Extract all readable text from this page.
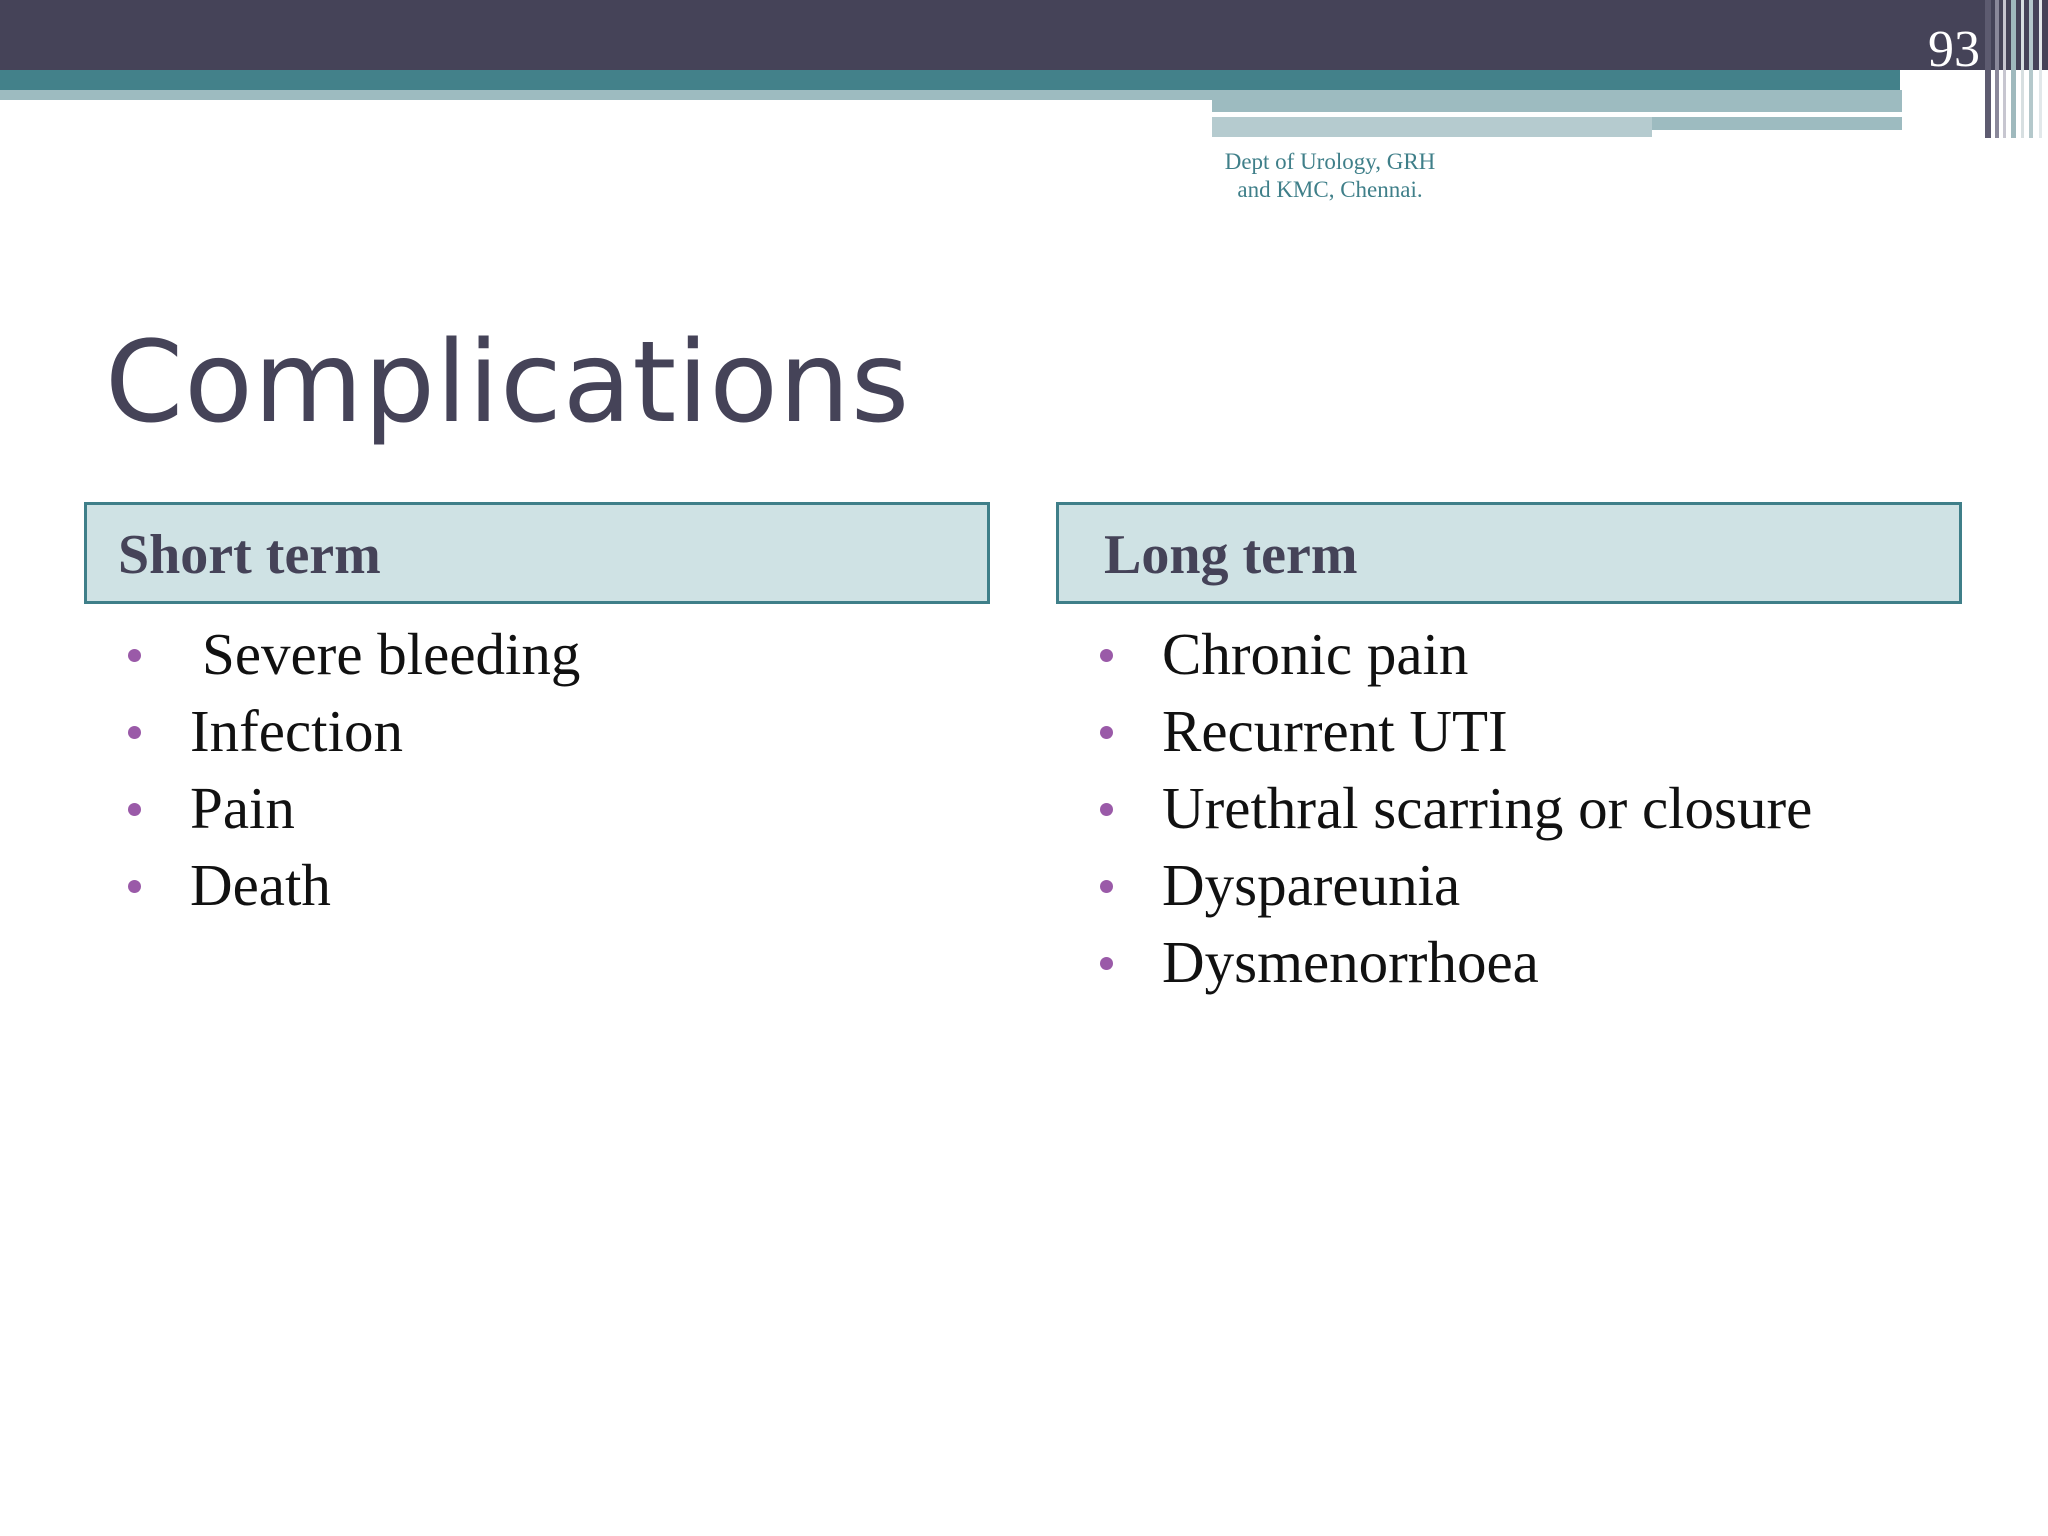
93
Dept of Urology, GRH
and KMC, Chennai.
Complications
Short term
Severe bleeding
Infection
Pain
Death
Long term
Chronic pain
Recurrent UTI
Urethral scarring or closure
Dyspareunia
Dysmenorrhoea
